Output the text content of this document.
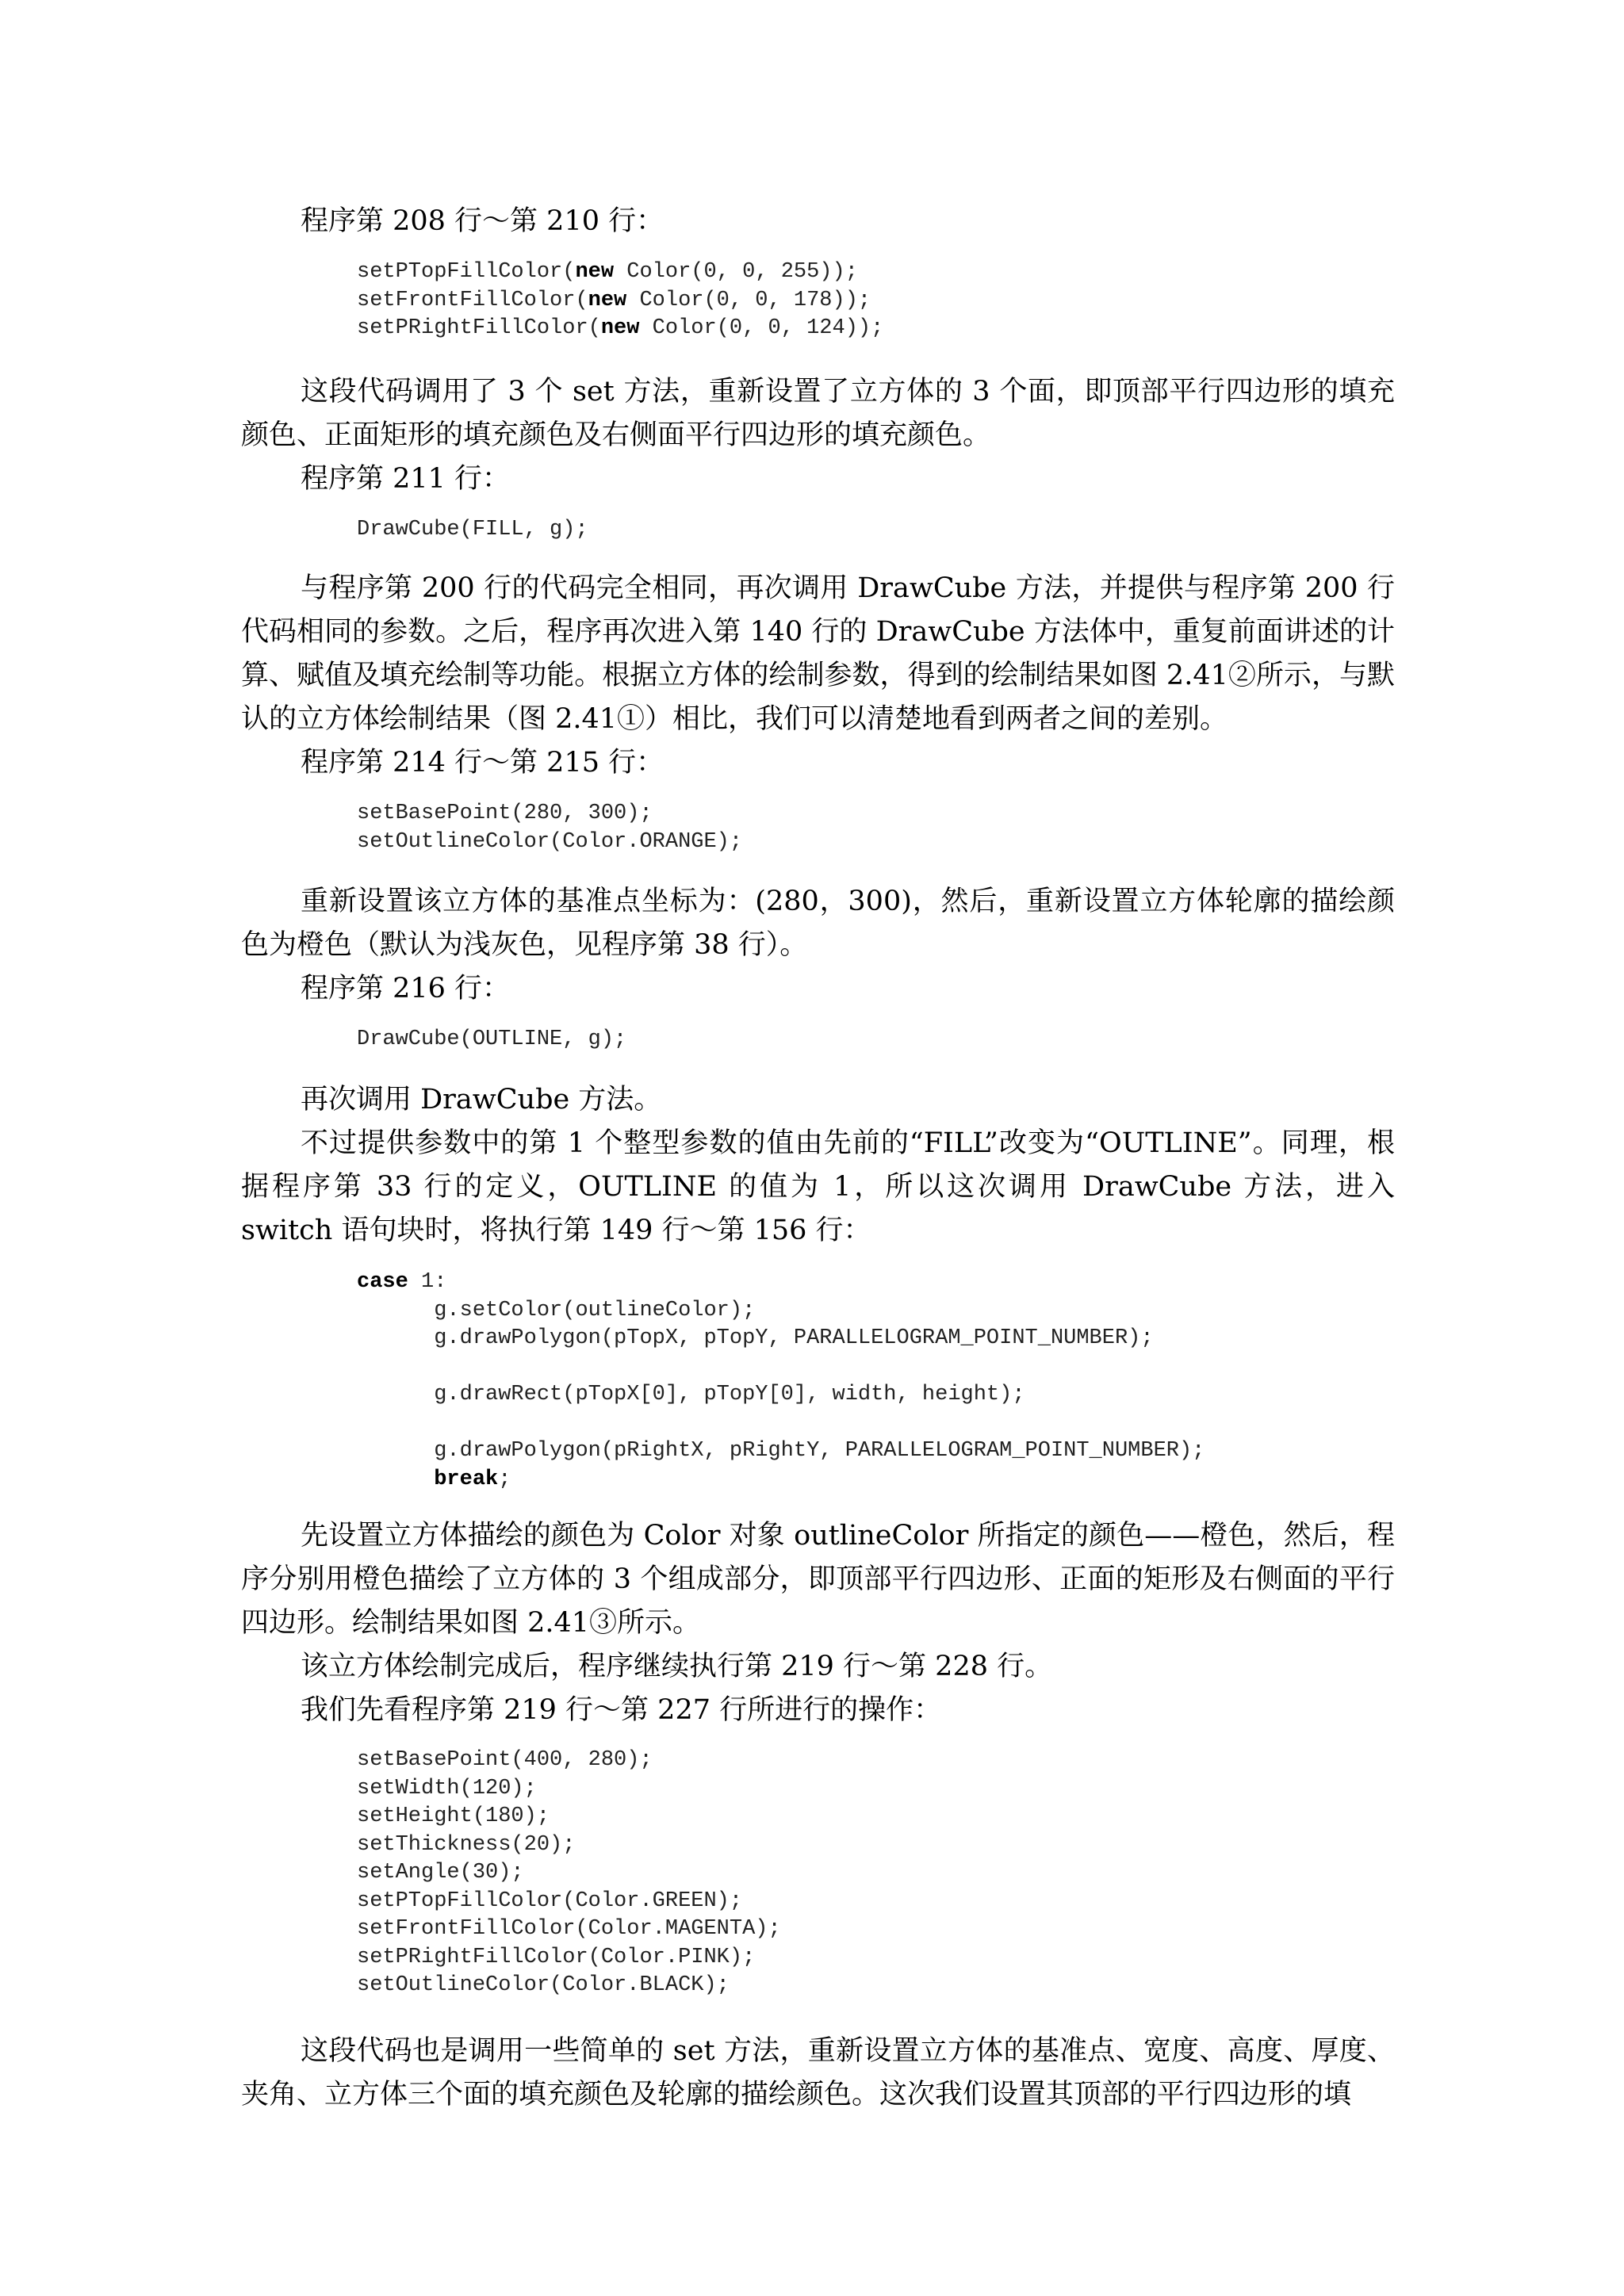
程序第 208 行～第 210 行：

setPTopFillColor(new Color(0, 0, 255));
setFrontFillColor(new Color(0, 0, 178));
setPRightFillColor(new Color(0, 0, 124));

这段代码调用了 3 个 set 方法，重新设置了立方体的 3 个面，即顶部平行四边形的填充颜色、正面矩形的填充颜色及右侧面平行四边形的填充颜色。

程序第 211 行：

DrawCube(FILL, g);

与程序第 200 行的代码完全相同，再次调用 DrawCube 方法，并提供与程序第 200 行代码相同的参数。之后，程序再次进入第 140 行的 DrawCube 方法体中，重复前面讲述的计算、赋值及填充绘制等功能。根据立方体的绘制参数，得到的绘制结果如图 2.41②所示，与默认的立方体绘制结果（图 2.41①）相比，我们可以清楚地看到两者之间的差别。

程序第 214 行～第 215 行：

setBasePoint(280, 300);
setOutlineColor(Color.ORANGE);

重新设置该立方体的基准点坐标为：(280，300)，然后，重新设置立方体轮廓的描绘颜色为橙色（默认为浅灰色，见程序第 38 行）。

程序第 216 行：

DrawCube(OUTLINE, g);

再次调用 DrawCube 方法。

不过提供参数中的第 1 个整型参数的值由先前的“FILL”改变为“OUTLINE”。同理，根据程序第 33 行的定义，OUTLINE 的值为 1，所以这次调用 DrawCube 方法，进入 switch 语句块时，将执行第 149 行～第 156 行：

case 1:
g.setColor(outlineColor);
g.drawPolygon(pTopX, pTopY, PARALLELOGRAM_POINT_NUMBER);
g.drawRect(pTopX[0], pTopY[0], width, height);
g.drawPolygon(pRightX, pRightY, PARALLELOGRAM_POINT_NUMBER);
break;

先设置立方体描绘的颜色为 Color 对象 outlineColor 所指定的颜色——橙色，然后，程序分别用橙色描绘了立方体的 3 个组成部分，即顶部平行四边形、正面的矩形及右侧面的平行四边形。绘制结果如图 2.41③所示。

该立方体绘制完成后，程序继续执行第 219 行～第 228 行。

我们先看程序第 219 行～第 227 行所进行的操作：

setBasePoint(400, 280);
setWidth(120);
setHeight(180);
setThickness(20);
setAngle(30);
setPTopFillColor(Color.GREEN);
setFrontFillColor(Color.MAGENTA);
setPRightFillColor(Color.PINK);
setOutlineColor(Color.BLACK);

这段代码也是调用一些简单的 set 方法，重新设置立方体的基准点、宽度、高度、厚度、夹角、立方体三个面的填充颜色及轮廓的描绘颜色。这次我们设置其顶部的平行四边形的填
